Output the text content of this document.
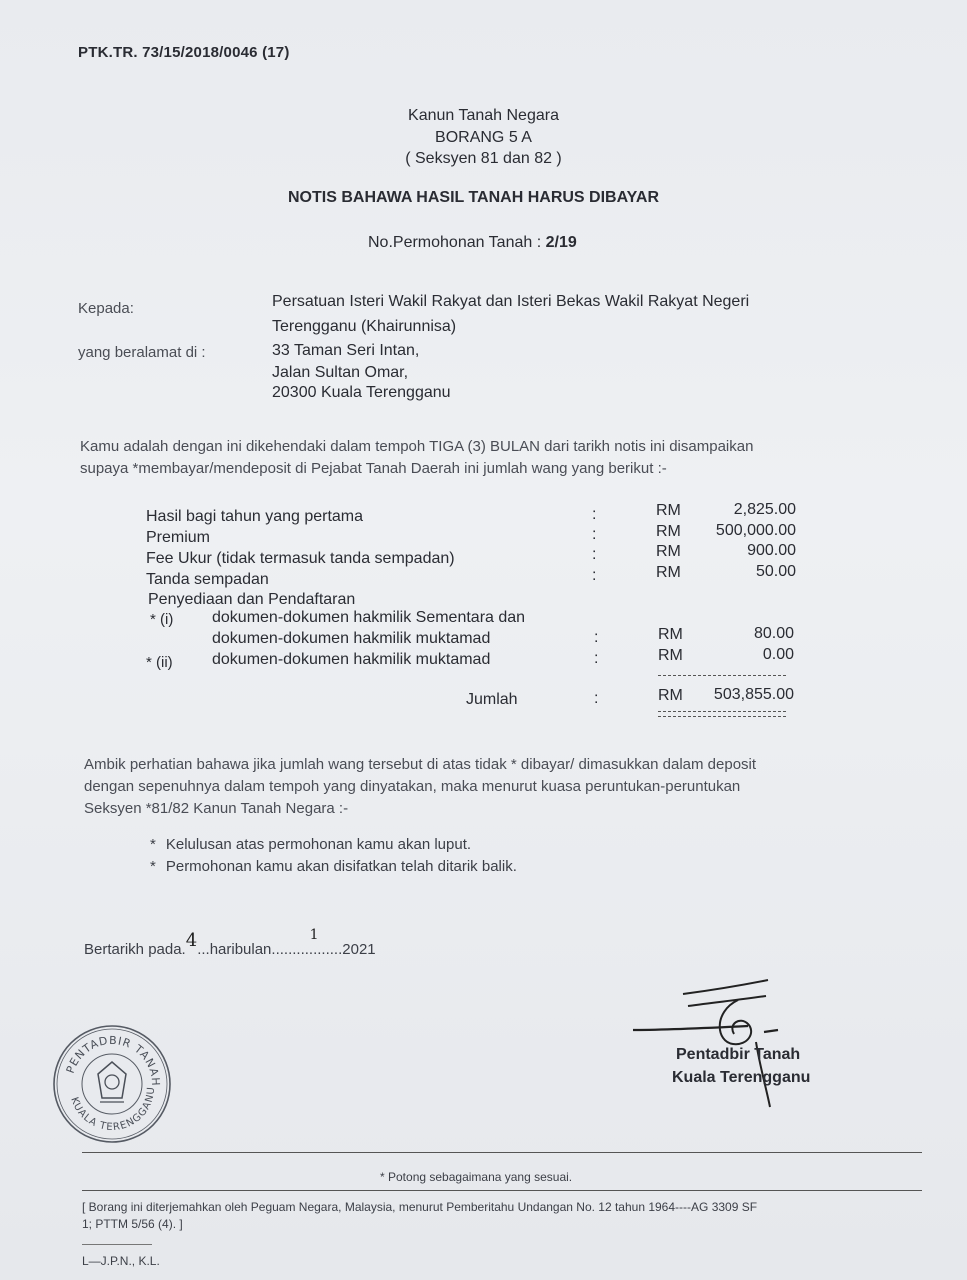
PTK.TR. 73/15/2018/0046 (17)
Kanun Tanah Negara
BORANG 5 A
( Seksyen 81 dan 82 )
NOTIS BAHAWA HASIL TANAH HARUS DIBAYAR
No.Permohonan Tanah : 2/19
Kepada:	Persatuan Isteri Wakil Rakyat dan Isteri Bekas Wakil Rakyat Negeri
Terengganu (Khairunnisa)
yang beralamat di :	33 Taman Seri Intan,
Jalan Sultan Omar,
20300 Kuala Terengganu
Kamu adalah dengan ini dikehendaki dalam tempoh TIGA (3) BULAN dari tarikh notis ini disampaikan
supaya *membayar/mendeposit di Pejabat Tanah Daerah ini jumlah wang yang berikut :-
Hasil bagi tahun yang pertama	:	RM	2,825.00
Premium	:	RM	500,000.00
Fee Ukur (tidak termasuk tanda sempadan)	:	RM	900.00
Tanda sempadan	:	RM	50.00
Penyediaan dan Pendaftaran
* (i) dokumen-dokumen hakmilik Sementara dan
dokumen-dokumen hakmilik muktamad	:	RM	80.00
* (ii) dokumen-dokumen hakmilik muktamad	:	RM	0.00
Jumlah	:	RM	503,855.00
Ambik perhatian bahawa jika jumlah wang tersebut di atas tidak * dibayar/ dimasukkan dalam deposit
dengan sepenuhnya dalam tempoh yang dinyatakan, maka menurut kuasa peruntukan-peruntukan
Seksyen *81/82 Kanun Tanah Negara :-
* Kelulusan atas permohonan kamu akan luput.
* Permohonan kamu akan disifatkan telah ditarik balik.
Bertarikh pada.4...haribulan...........
1
......2021
Pentadbir Tanah
Kuala Terengganu
PENTADBIR TANAH
KUALA TERENGGANU
* Potong sebagaimana yang sesuai.
[ Borang ini diterjemahkan oleh Peguam Negara, Malaysia, menurut Pemberitahu Undangan No. 12 tahun 1964----AG 3309 SF
1; PTTM 5/56 (4). ]
L—J.P.N., K.L.
